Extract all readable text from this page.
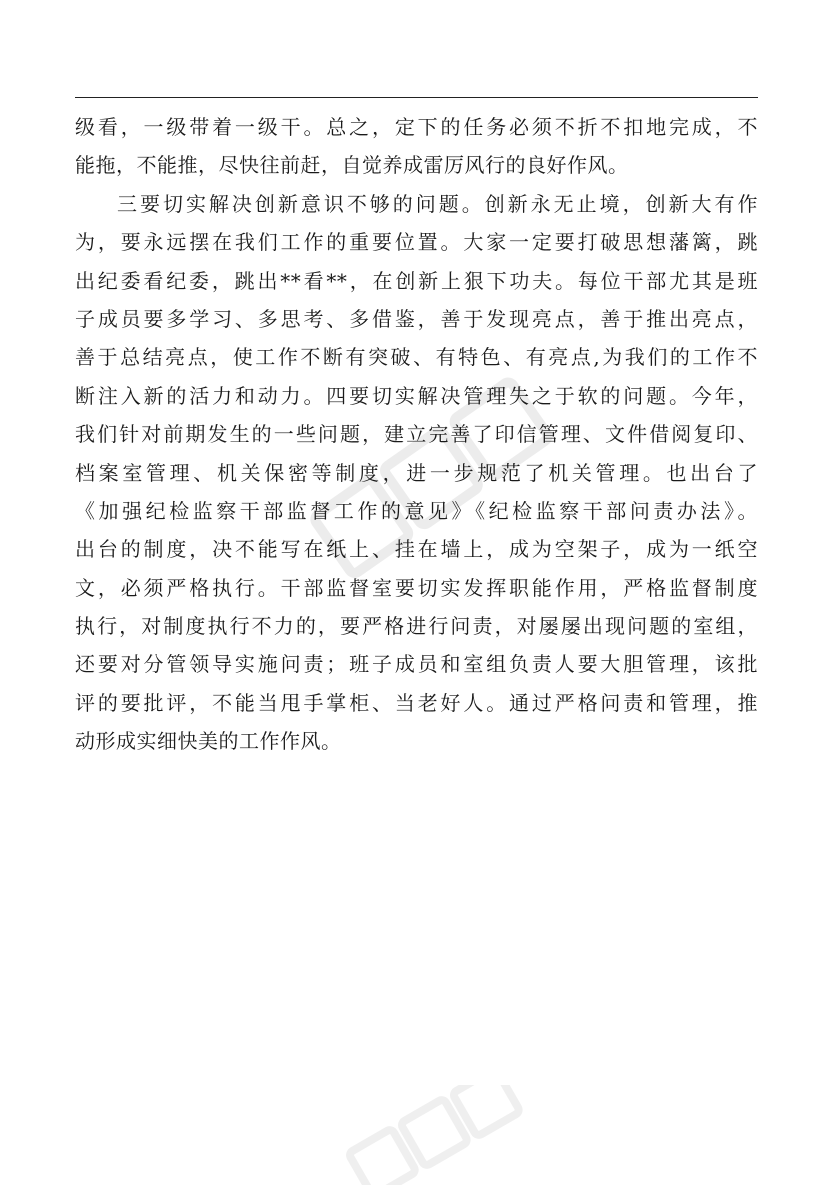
级看，一级带着一级干。总之，定下的任务必须不折不扣地完成，不
能拖，不能推，尽快往前赶，自觉养成雷厉风行的良好作风。
三要切实解决创新意识不够的问题。创新永无止境，创新大有作
为，要永远摆在我们工作的重要位置。大家一定要打破思想藩篱，跳
出纪委看纪委，跳出**看**，在创新上狠下功夫。每位干部尤其是班
子成员要多学习、多思考、多借鉴，善于发现亮点，善于推出亮点，
善于总结亮点，使工作不断有突破、有特色、有亮点,为我们的工作不
断注入新的活力和动力。四要切实解决管理失之于软的问题。今年，
我们针对前期发生的一些问题，建立完善了印信管理、文件借阅复印、
档案室管理、机关保密等制度，进一步规范了机关管理。也出台了
《加强纪检监察干部监督工作的意见》《纪检监察干部问责办法》。
出台的制度，决不能写在纸上、挂在墙上，成为空架子，成为一纸空
文，必须严格执行。干部监督室要切实发挥职能作用，严格监督制度
执行，对制度执行不力的，要严格进行问责，对屡屡出现问题的室组，
还要对分管领导实施问责；班子成员和室组负责人要大胆管理，该批
评的要批评，不能当甩手掌柜、当老好人。通过严格问责和管理，推
动形成实细快美的工作作风。
